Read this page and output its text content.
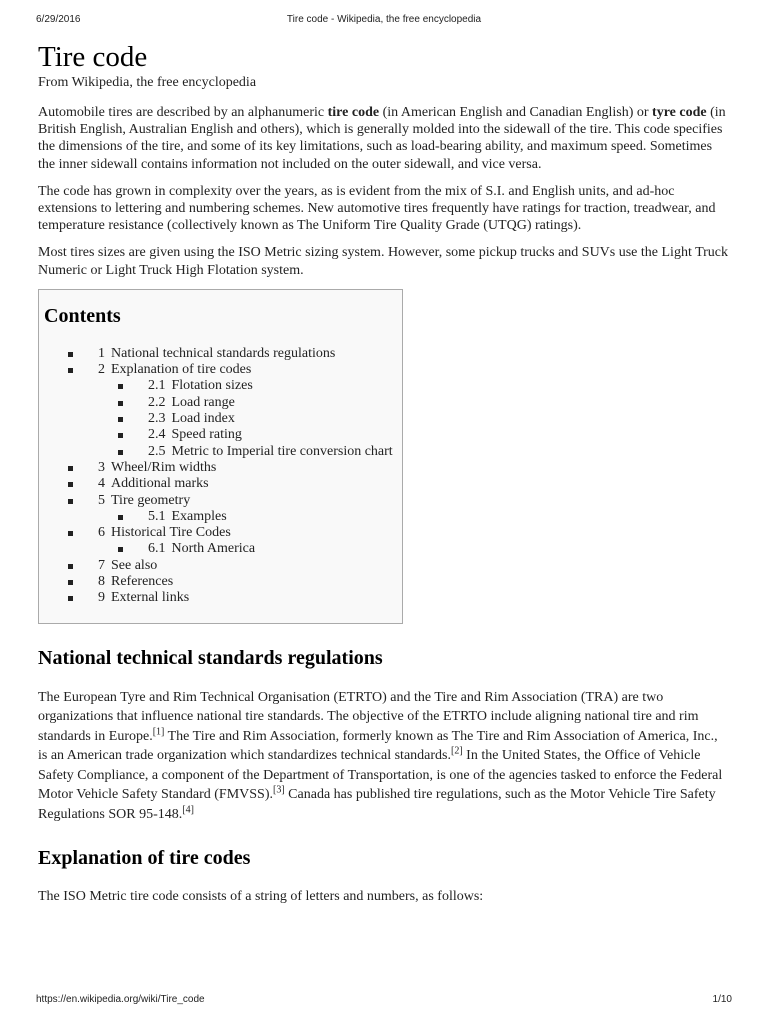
6/29/2016	Tire code - Wikipedia, the free encyclopedia
Tire code
From Wikipedia, the free encyclopedia

Automobile tires are described by an alphanumeric tire code (in American English and Canadian English) or tyre code (in British English, Australian English and others), which is generally molded into the sidewall of the tire. This code specifies the dimensions of the tire, and some of its key limitations, such as load-bearing ability, and maximum speed. Sometimes the inner sidewall contains information not included on the outer sidewall, and vice versa.

The code has grown in complexity over the years, as is evident from the mix of S.I. and English units, and ad-hoc extensions to lettering and numbering schemes. New automotive tires frequently have ratings for traction, treadwear, and temperature resistance (collectively known as The Uniform Tire Quality Grade (UTQG) ratings).

Most tires sizes are given using the ISO Metric sizing system. However, some pickup trucks and SUVs use the Light Truck Numeric or Light Truck High Flotation system.

Contents
1 National technical standards regulations
2 Explanation of tire codes
2.1 Flotation sizes
2.2 Load range
2.3 Load index
2.4 Speed rating
2.5 Metric to Imperial tire conversion chart
3 Wheel/Rim widths
4 Additional marks
5 Tire geometry
5.1 Examples
6 Historical Tire Codes
6.1 North America
7 See also
8 References
9 External links
National technical standards regulations

The European Tyre and Rim Technical Organisation (ETRTO) and the Tire and Rim Association (TRA) are two organizations that influence national tire standards. The objective of the ETRTO include aligning national tire and rim standards in Europe.[1] The Tire and Rim Association, formerly known as The Tire and Rim Association of America, Inc., is an American trade organization which standardizes technical standards.[2] In the United States, the Office of Vehicle Safety Compliance, a component of the Department of Transportation, is one of the agencies tasked to enforce the Federal Motor Vehicle Safety Standard (FMVSS).[3] Canada has published tire regulations, such as the Motor Vehicle Tire Safety Regulations SOR 95-148.[4]

Explanation of tire codes

The ISO Metric tire code consists of a string of letters and numbers, as follows:

https://en.wikipedia.org/wiki/Tire_code	1/10
